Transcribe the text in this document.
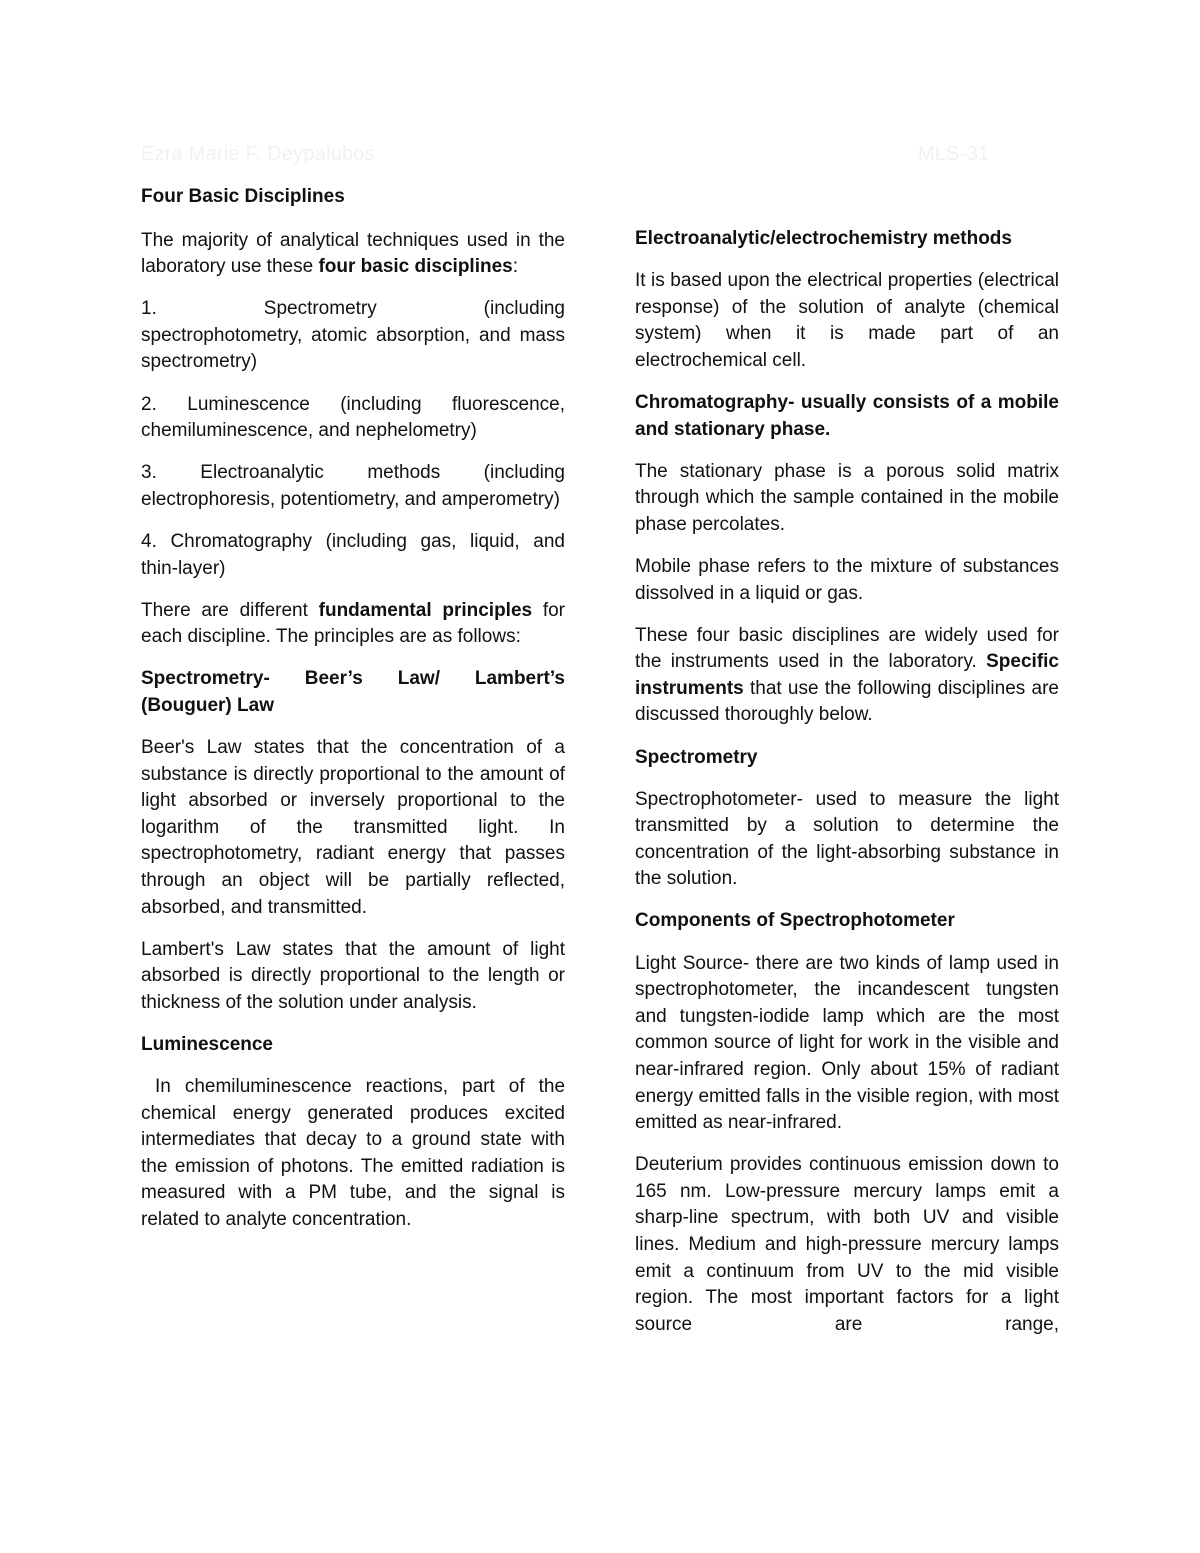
Ezra Marie F. Deypalubos	MLS-31

Four Basic Disciplines

The majority of analytical techniques used in the laboratory use these four basic disciplines:

1. Spectrometry (including
spectrophotometry, atomic absorption, and mass spectrometry)

2. Luminescence (including fluorescence, chemiluminescence, and nephelometry)

3. Electroanalytic methods (including electrophoresis, potentiometry, and amperometry)

4. Chromatography (including gas, liquid, and thin-layer)

There are different fundamental principles for each discipline. The principles are as follows:

Spectrometry- Beer’s Law/ Lambert’s (Bouguer) Law

Beer's Law states that the concentration of a substance is directly proportional to the amount of light absorbed or inversely proportional to the logarithm of the transmitted light. In spectrophotometry, radiant energy that passes through an object will be partially reflected, absorbed, and transmitted.

Lambert's Law states that the amount of light absorbed is directly proportional to the length or thickness of the solution under analysis.

Luminescence

In chemiluminescence reactions, part of the chemical energy generated produces excited intermediates that decay to a ground state with the emission of photons. The emitted radiation is measured with a PM tube, and the signal is related to analyte concentration.

Electroanalytic/electrochemistry methods

It is based upon the electrical properties (electrical response) of the solution of analyte (chemical system) when it is made part of an electrochemical cell.

Chromatography- usually consists of a mobile and stationary phase.

The stationary phase is a porous solid matrix through which the sample contained in the mobile phase percolates.

Mobile phase refers to the mixture of substances dissolved in a liquid or gas.

These four basic disciplines are widely used for the instruments used in the laboratory. Specific instruments that use the following disciplines are discussed thoroughly below.

Spectrometry

Spectrophotometer- used to measure the light transmitted by a solution to determine the concentration of the light-absorbing substance in the solution.

Components of Spectrophotometer

Light Source- there are two kinds of lamp used in spectrophotometer, the incandescent tungsten and tungsten-iodide lamp which are the most common source of light for work in the visible and near-infrared region. Only about 15% of radiant energy emitted falls in the visible region, with most emitted as near-infrared.

Deuterium provides continuous emission down to 165 nm. Low-pressure mercury lamps emit a sharp-line spectrum, with both UV and visible lines. Medium and high-pressure mercury lamps emit a continuum from UV to the mid visible region. The most important factors for a light source are range,
